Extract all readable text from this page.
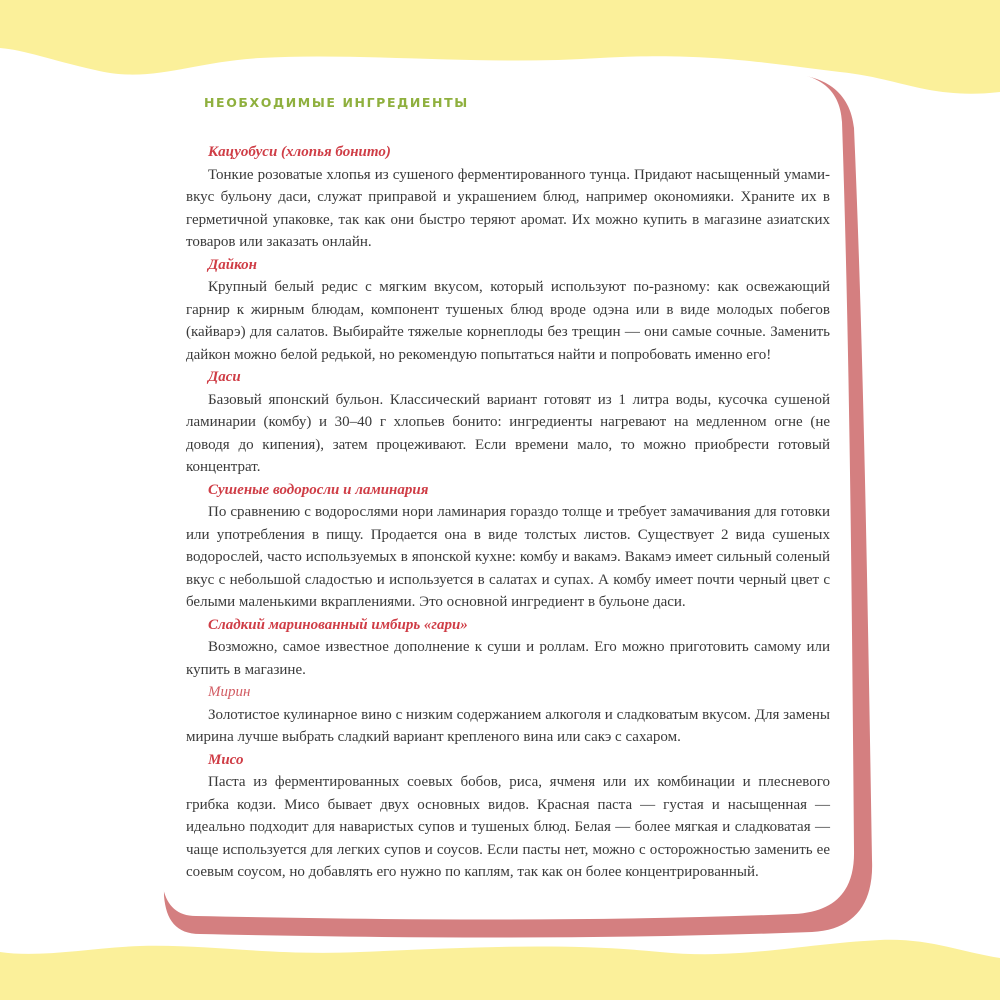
НЕОБХОДИМЫЕ ИНГРЕДИЕНТЫ
Кацуобуси (хлопья бонито)
Тонкие розоватые хлопья из сушеного ферментированного тунца. Придают насыщенный умами-вкус бульону даси, служат приправой и украшением блюд, например окономияки. Храните их в герметичной упаковке, так как они быстро теряют аромат. Их можно купить в магазине азиатских товаров или заказать онлайн.
Дайкон
Крупный белый редис с мягким вкусом, который используют по-разному: как освежающий гарнир к жирным блюдам, компонент тушеных блюд вроде одэна или в виде молодых побегов (кайварэ) для салатов. Выбирайте тяжелые корнеплоды без трещин — они самые сочные. Заменить дайкон можно белой редькой, но рекомендую попытаться найти и попробовать именно его!
Даси
Базовый японский бульон. Классический вариант готовят из 1 литра воды, кусочка сушеной ламинарии (комбу) и 30–40 г хлопьев бонито: ингредиенты нагревают на медленном огне (не доводя до кипения), затем процеживают. Если времени мало, то можно приобрести готовый концентрат.
Сушеные водоросли и ламинария
По сравнению с водорослями нори ламинария гораздо толще и требует замачивания для готовки или употребления в пищу. Продается она в виде толстых листов. Существует 2 вида сушеных водорослей, часто используемых в японской кухне: комбу и вакамэ. Вакамэ имеет сильный соленый вкус с небольшой сладостью и используется в салатах и супах. А комбу имеет почти черный цвет с белыми маленькими вкраплениями. Это основной ингредиент в бульоне даси.
Сладкий маринованный имбирь «гари»
Возможно, самое известное дополнение к суши и роллам. Его можно приготовить самому или купить в магазине.
Мирин
Золотистое кулинарное вино с низким содержанием алкоголя и сладковатым вкусом. Для замены мирина лучше выбрать сладкий вариант крепленого вина или сакэ с сахаром.
Мисо
Паста из ферментированных соевых бобов, риса, ячменя или их комбинации и плесневого грибка кодзи. Мисо бывает двух основных видов. Красная паста — густая и насыщенная — идеально подходит для наваристых супов и тушеных блюд. Белая — более мягкая и сладковатая — чаще используется для легких супов и соусов. Если пасты нет, можно с осторожностью заменить ее соевым соусом, но добавлять его нужно по каплям, так как он более концентрированный.
